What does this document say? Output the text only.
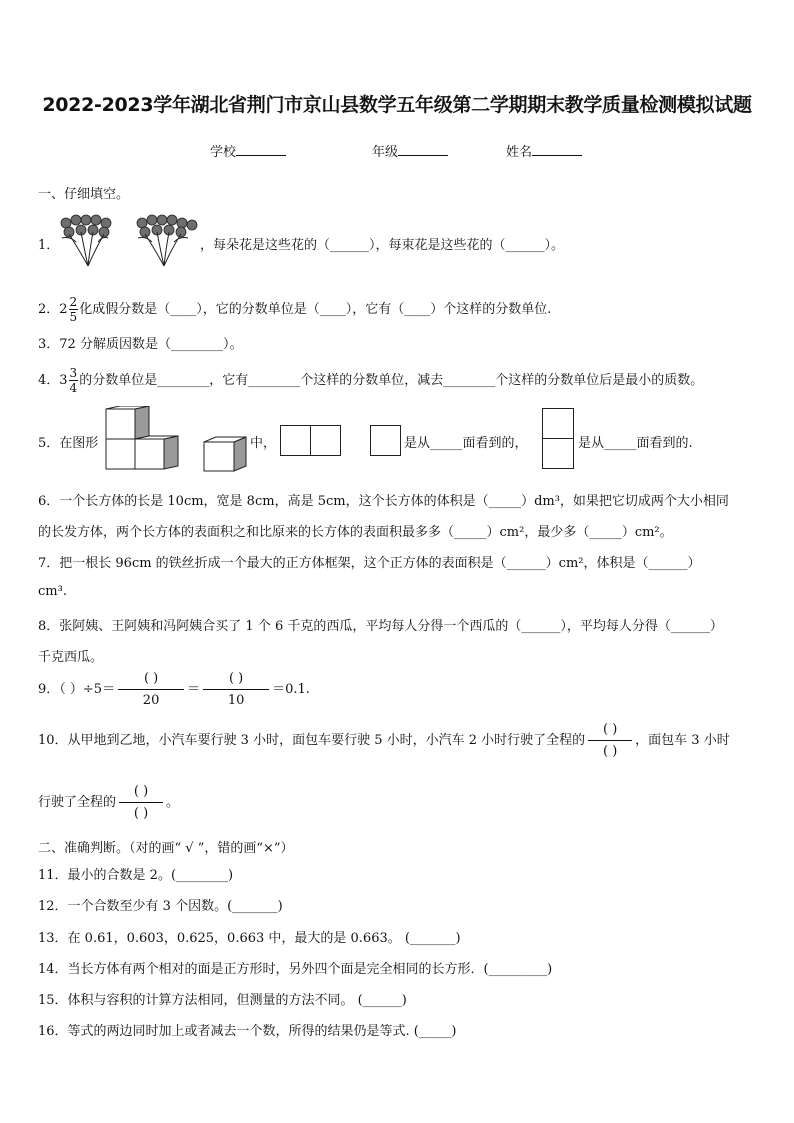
2022-2023学年湖北省荆门市京山县数学五年级第二学期期末教学质量检测模拟试题
学校	年级	姓名
一、仔细填空。
1．	，每朵花是这些花的（______），每束花是这些花的（______）。
2．$2 \frac{2}{5}$ 化成假分数是（____），它的分数单位是（____），它有（____）个这样的分数单位.
3．72 分解质因数是（________）。
4．$3 \frac{3}{4}$ 的分数单位是________，它有________个这样的分数单位，减去________个这样的分数单位后是最小的质数。
5．在图形	中，	是从_____面看到的，	是从_____面看到的.
6．一个长方体的长是 10cm，宽是 8cm，高是 5cm，这个长方体的体积是（_____）dm³，如果把它切成两个大小相同
的长发方体，两个长方体的表面积之和比原来的长方体的表面积最多多（_____）cm²，最少多（_____）cm²。
7．把一根长 96cm 的铁丝折成一个最大的正方体框架，这个正方体的表面积是（______）cm²，体积是（______）
cm³.
8．张阿姨、王阿姨和冯阿姨合买了 1 个 6 千克的西瓜，平均每人分得一个西瓜的（______），平均每人分得（______）
千克西瓜。
9．（ ）÷5＝
( )
20
＝
( )
10
＝0.1.
10．从甲地到乙地，小汽车要行驶 3 小时，面包车要行驶 5 小时，小汽车 2 小时行驶了全程的
( )
( )
，面包车 3 小时
行驶了全程的
( )
( )
。
二、准确判断。（对的画“ √ ”，错的画“×”）
11．最小的合数是 2。(________)
12．一个合数至少有 3 个因数。(_______)
13．在 0.61，0.603，0.625，0.663 中，最大的是 0.663。 (_______)
14．当长方体有两个相对的面是正方形时，另外四个面是完全相同的长方形．(_________)
15．体积与容积的计算方法相同，但测量的方法不同。 (______)
16．等式的两边同时加上或者减去一个数，所得的结果仍是等式. (_____)
